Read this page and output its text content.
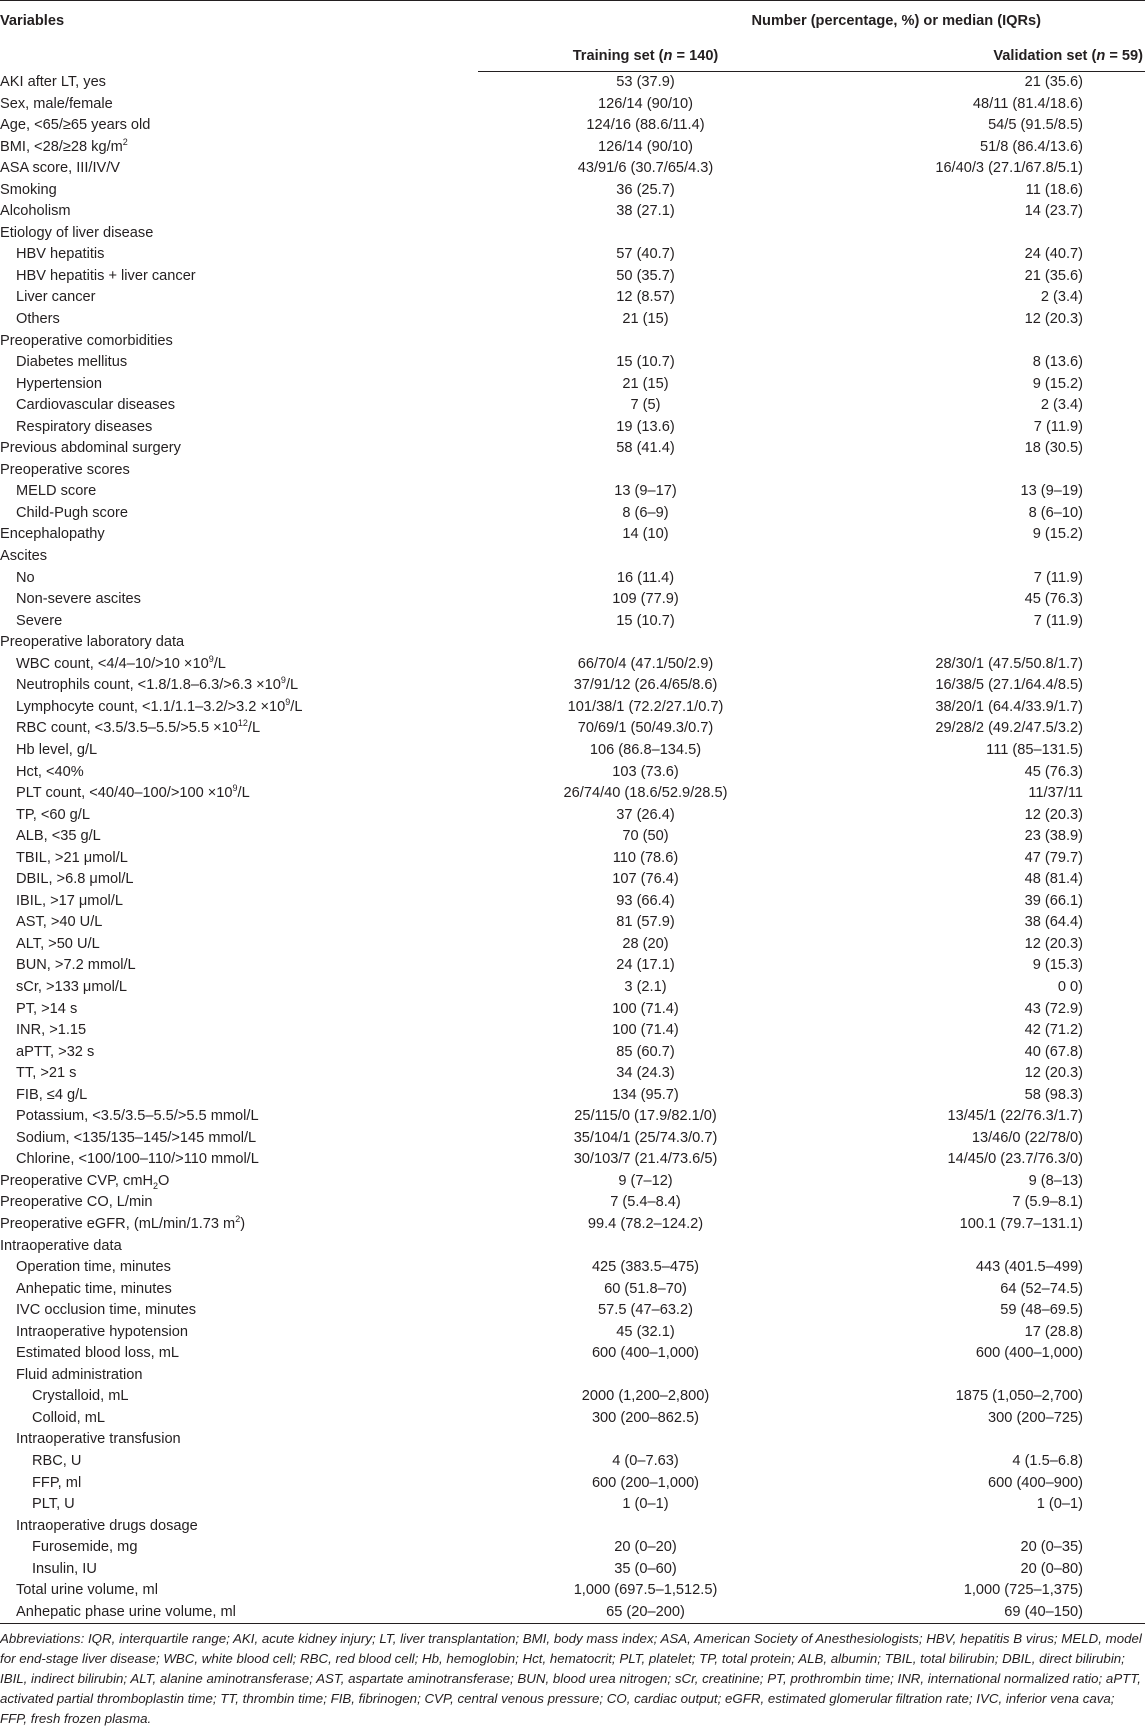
Variables	Number (percentage, %) or median (IQRs)	
	Training set (n = 140)	Validation set (n = 59)
AKI after LT, yes	53 (37.9)	21 (35.6)
Sex, male/female	126/14 (90/10)	48/11 (81.4/18.6)
Age, <65/≥65 years old	124/16 (88.6/11.4)	54/5 (91.5/8.5)
BMI, <28/≥28 $kg/m^2$	126/14 (90/10)	51/8 (86.4/13.6)
ASA score, III/IV/V	43/91/6 (30.7/65/4.3)	16/40/3 (27.1/67.8/5.1)
Smoking	36 (25.7)	11 (18.6)
Alcoholism	38 (27.1)	14 (23.7)
Etiology of liver disease		
HBV hepatitis	57 (40.7)	24 (40.7)
HBV hepatitis + liver cancer	50 (35.7)	21 (35.6)
Liver cancer	12 (8.57)	2 (3.4)
Others	21 (15)	12 (20.3)
Preoperative comorbidities		
Diabetes mellitus	15 (10.7)	8 (13.6)
Hypertension	21 (15)	9 (15.2)
Cardiovascular diseases	7 (5)	2 (3.4)
Respiratory diseases	19 (13.6)	7 (11.9)
Previous abdominal surgery	58 (41.4)	18 (30.5)
Preoperative scores		
MELD score	13 (9–17)	13 (9–19)
Child-Pugh score	8 (6–9)	8 (6–10)
Encephalopathy	14 (10)	9 (15.2)
Ascites		
No	16 (11.4)	7 (11.9)
Non-severe ascites	109 (77.9)	45 (76.3)
Severe	15 (10.7)	7 (11.9)
Preoperative laboratory data		
WBC count, $<4/4-10/>10 \times 10^9/L$	66/70/4 (47.1/50/2.9)	28/30/1 (47.5/50.8/1.7)
Neutrophils count, $<1.8/1.8-6.3/>6.3 \times 10^9/L$	37/91/12 (26.4/65/8.6)	16/38/5 (27.1/64.4/8.5)
Lymphocyte count, $<1.1/1.1-3.2/>3.2 \times 10^9/L$	101/38/1 (72.2/27.1/0.7)	38/20/1 (64.4/33.9/1.7)
RBC count, $<3.5/3.5-5.5/>5.5 \times 10^{12}/L$	70/69/1 (50/49.3/0.7)	29/28/2 (49.2/47.5/3.2)
Hb level, g/L	106 (86.8–134.5)	111 (85–131.5)
Hct, <40%	103 (73.6)	45 (76.3)
PLT count, $<40/40-100/>100 \times 10^9/L$	26/74/40 (18.6/52.9/28.5)	11/37/11
TP, <60 g/L	37 (26.4)	12 (20.3)
ALB, <35 g/L	70 (50)	23 (38.9)
TBIL, >21 μmol/L	110 (78.6)	47 (79.7)
DBIL, >6.8 μmol/L	107 (76.4)	48 (81.4)
IBIL, >17 μmol/L	93 (66.4)	39 (66.1)
AST, >40 U/L	81 (57.9)	38 (64.4)
ALT, >50 U/L	28 (20)	12 (20.3)
BUN, >7.2 mmol/L	24 (17.1)	9 (15.3)
sCr, >133 μmol/L	3 (2.1)	0 0)
PT, >14 s	100 (71.4)	43 (72.9)
INR, >1.15	100 (71.4)	42 (71.2)
aPTT, >32 s	85 (60.7)	40 (67.8)
TT, >21 s	34 (24.3)	12 (20.3)
FIB, ≤4 g/L	134 (95.7)	58 (98.3)
Potassium, <3.5/3.5–5.5/>5.5 mmol/L	25/115/0 (17.9/82.1/0)	13/45/1 (22/76.3/1.7)
Sodium, <135/135–145/>145 mmol/L	35/104/1 (25/74.3/0.7)	13/46/0 (22/78/0)
Chlorine, <100/100–110/>110 mmol/L	30/103/7 (21.4/73.6/5)	14/45/0 (23.7/76.3/0)
Preoperative CVP, cmH$_2$O	9 (7–12)	9 (8–13)
Preoperative CO, L/min	7 (5.4–8.4)	7 (5.9–8.1)
Preoperative eGFR, (mL/min/1.73 $m^2$)	99.4 (78.2–124.2)	100.1 (79.7–131.1)
Intraoperative data		
Operation time, minutes	425 (383.5–475)	443 (401.5–499)
Anhepatic time, minutes	60 (51.8–70)	64 (52–74.5)
IVC occlusion time, minutes	57.5 (47–63.2)	59 (48–69.5)
Intraoperative hypotension	45 (32.1)	17 (28.8)
Estimated blood loss, mL	600 (400–1,000)	600 (400–1,000)
Fluid administration		
Crystalloid, mL	2000 (1,200–2,800)	1875 (1,050–2,700)
Colloid, mL	300 (200–862.5)	300 (200–725)
Intraoperative transfusion		
RBC, U	4 (0–7.63)	4 (1.5–6.8)
FFP, ml	600 (200–1,000)	600 (400–900)
PLT, U	1 (0–1)	1 (0–1)
Intraoperative drugs dosage		
Furosemide, mg	20 (0–20)	20 (0–35)
Insulin, IU	35 (0–60)	20 (0–80)
Total urine volume, ml	1,000 (697.5–1,512.5)	1,000 (725–1,375)
Anhepatic phase urine volume, ml	65 (20–200)	69 (40–150)
Abbreviations: IQR, interquartile range; AKI, acute kidney injury; LT, liver transplantation; BMI, body mass index; ASA, American Society of Anesthesiologists; HBV, hepatitis B virus; MELD, model for end-stage liver disease; WBC, white blood cell; RBC, red blood cell; Hb, hemoglobin; Hct, hematocrit; PLT, platelet; TP, total protein; ALB, albumin; TBIL, total bilirubin; DBIL, direct bilirubin; IBIL, indirect bilirubin; ALT, alanine aminotransferase; AST, aspartate aminotransferase; BUN, blood urea nitrogen; sCr, creatinine; PT, prothrombin time; INR, international normalized ratio; aPTT, activated partial thromboplastin time; TT, thrombin time; FIB, fibrinogen; CVP, central venous pressure; CO, cardiac output; eGFR, estimated glomerular filtration rate; IVC, inferior vena cava; FFP, fresh frozen plasma.
